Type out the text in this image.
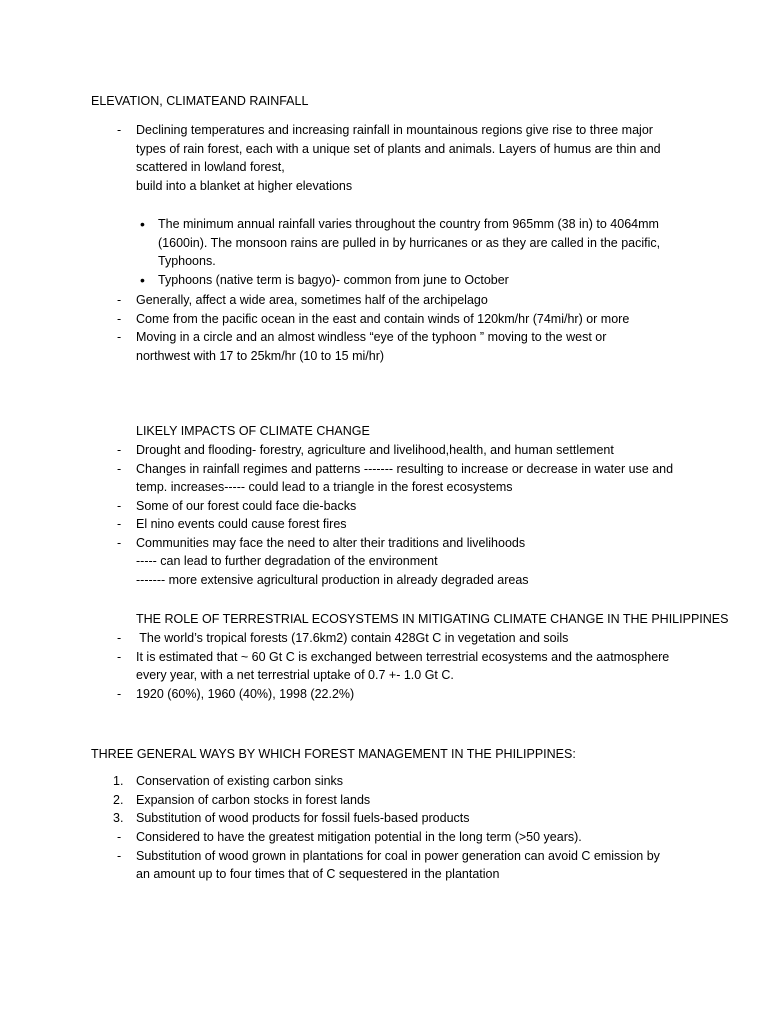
ELEVATION, CLIMATEAND RAINFALL
- Declining temperatures and increasing rainfall in mountainous regions give rise to three major
types of rain forest, each with a unique set of plants and animals. Layers of humus are thin and
scattered in lowland forest,
build into a blanket at higher elevations
• The minimum annual rainfall varies throughout the country from 965mm (38 in) to 4064mm
(1600in). The monsoon rains are pulled in by hurricanes or as they are called in the pacific,
Typhoons.
• Typhoons (native term is bagyo)- common from june to October
- Generally, affect a wide area, sometimes half of the archipelago
- Come from the pacific ocean in the east and contain winds of 120km/hr (74mi/hr) or more
- Moving in a circle and an almost windless “eye of the typhoon ” moving to the west or
northwest with 17 to 25km/hr (10 to 15 mi/hr)
LIKELY IMPACTS OF CLIMATE CHANGE
- Drought and flooding- forestry, agriculture and livelihood,health, and human settlement
- Changes in rainfall regimes and patterns ------- resulting to increase or decrease in water use and
temp. increases----- could lead to a triangle in the forest ecosystems
- Some of our forest could face die-backs
- El nino events could cause forest fires
- Communities may face the need to alter their traditions and livelihoods
----- can lead to further degradation of the environment
------- more extensive agricultural production in already degraded areas
THE ROLE OF TERRESTRIAL ECOSYSTEMS IN MITIGATING CLIMATE CHANGE IN THE PHILIPPINES
- The world’s tropical forests (17.6km2) contain 428Gt C in vegetation and soils
- It is estimated that ~ 60 Gt C is exchanged between terrestrial ecosystems and the aatmosphere
every year, with a net terrestrial uptake of 0.7 +- 1.0 Gt C.
- 1920 (60%), 1960 (40%), 1998 (22.2%)
THREE GENERAL WAYS BY WHICH FOREST MANAGEMENT IN THE PHILIPPINES:
1. Conservation of existing carbon sinks
2. Expansion of carbon stocks in forest lands
3. Substitution of wood products for fossil fuels-based products
- Considered to have the greatest mitigation potential in the long term (>50 years).
- Substitution of wood grown in plantations for coal in power generation can avoid C emission by
an amount up to four times that of C sequestered in the plantation
